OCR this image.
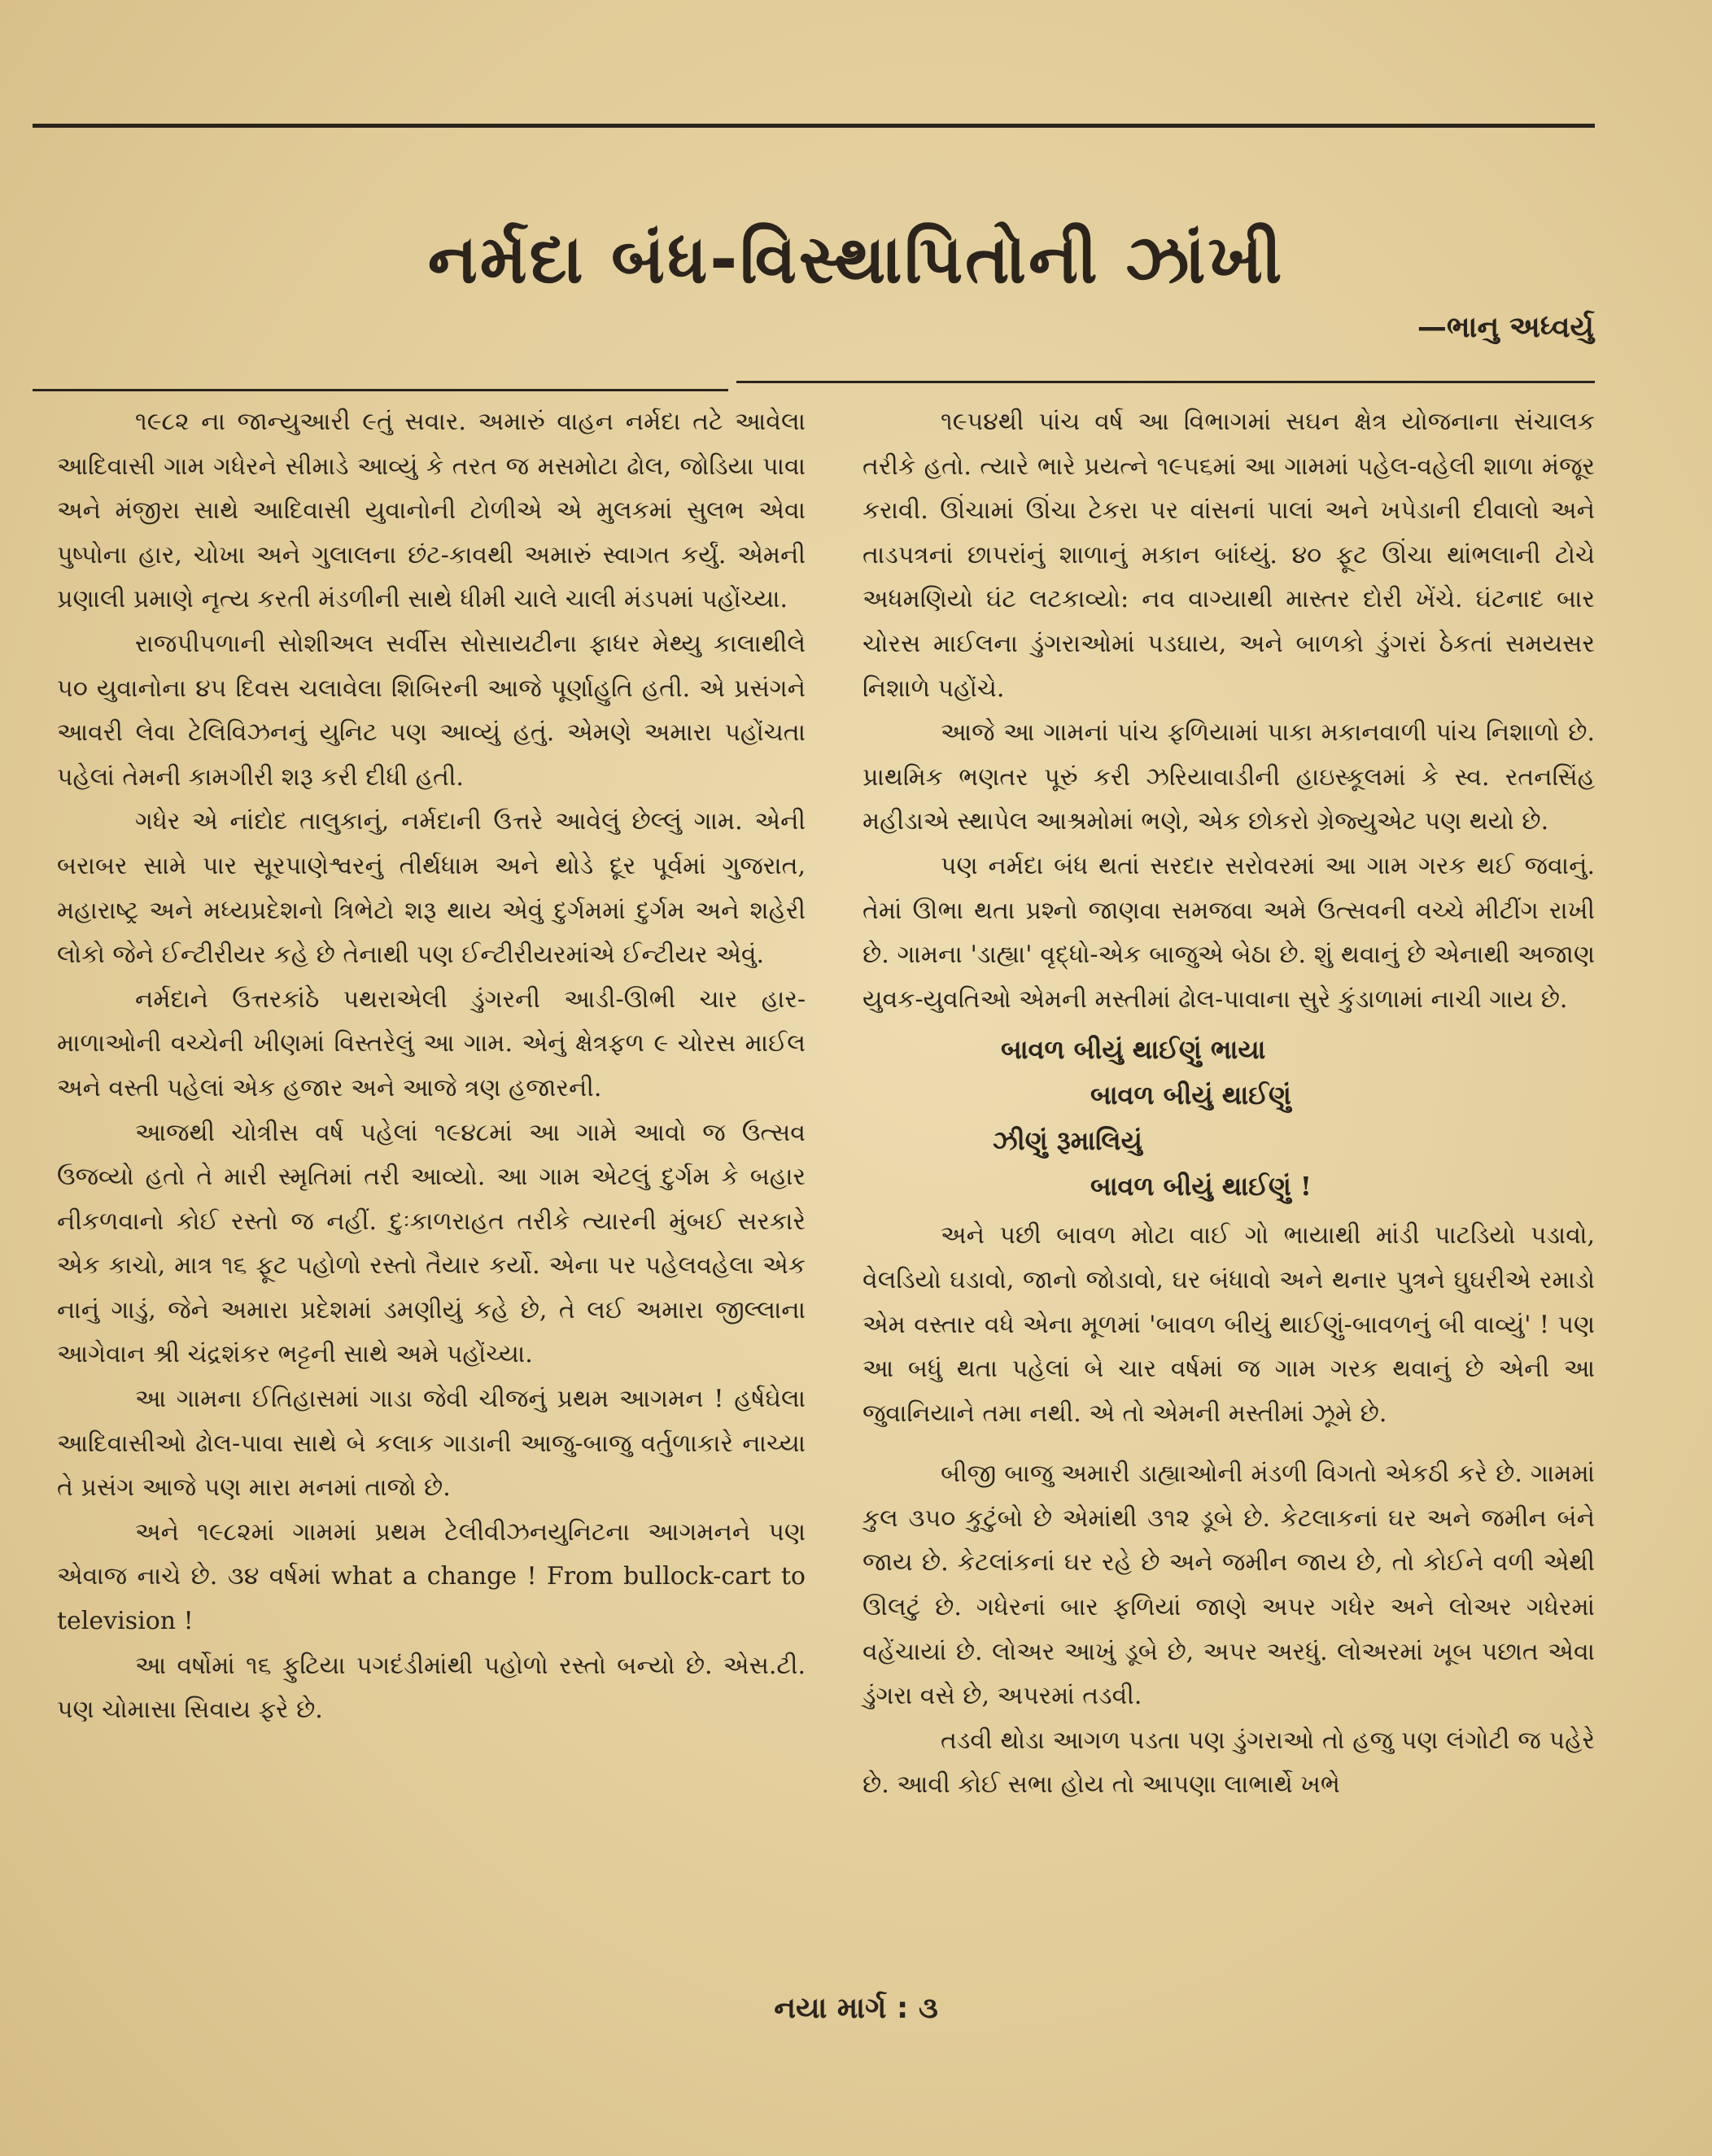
નર્મદા બંધ-વિસ્થાપિતોની ઝાંખી
—ભાનુ અધ્વર્યુ

૧૯૮૨ ના જાન્યુઆરી ૯તું સવાર. અમારું વાહન નર્મદા તટે આવેલા આદિવાસી ગામ ગધેરને સીમાડે આવ્યું કે તરત જ મસમોટા ઢોલ, જોડિયા પાવા અને મંજીરા સાથે આદિવાસી યુવાનોની ટોળીએ એ મુલકમાં સુલભ એવા પુષ્પોના હાર, ચોખા અને ગુલાલના છંટ-કાવથી અમારું સ્વાગત કર્યું. એમની પ્રણાલી પ્રમાણે નૃત્ય કરતી મંડળીની સાથે ધીમી ચાલે ચાલી મંડપમાં પહોંચ્યા.

રાજપીપળાની સોશીઅલ સર્વીસ સોસાયટીના ફાધર મેથ્યુ કાલાથીલે ૫૦ યુવાનોના ૪૫ દિવસ ચલાવેલા શિબિરની આજે પૂર્ણાહુતિ હતી. એ પ્રસંગને આવરી લેવા ટેલિવિઝનનું યુનિટ પણ આવ્યું હતું. એમણે અમારા પહોંચતા પહેલાં તેમની કામગીરી શરૂ કરી દીધી હતી.

ગધેર એ નાંદોદ તાલુકાનું, નર્મદાની ઉત્તરે આવેલું છેલ્લું ગામ. એની બરાબર સામે પાર સૂરપાણેશ્વરનું તીર્થધામ અને થોડે દૂર પૂર્વમાં ગુજરાત, મહારાષ્ટ્ર અને મધ્યપ્રદેશનો ત્રિભેટો શરૂ થાય એવું દુર્ગમમાં દુર્ગમ અને શહેરી લોકો જેને ઈન્ટીરીયર કહે છે તેનાથી પણ ઈન્ટીરીયરમાંએ ઈન્ટીયર એવું.

નર્મદાને ઉત્તરકાંઠે પથરાએલી ડુંગરની આડી-ઊભી ચાર હાર-માળાઓની વચ્ચેની ખીણમાં વિસ્તરેલું આ ગામ. એનું ક્ષેત્રફળ ૯ ચોરસ માઈલ અને વસ્તી પહેલાં એક હજાર અને આજે ત્રણ હજારની.

આજથી ચોત્રીસ વર્ષ પહેલાં ૧૯૪૮માં આ ગામે આવો જ ઉત્સવ ઉજવ્યો હતો તે મારી સ્મૃતિમાં તરી આવ્યો. આ ગામ એટલું દુર્ગમ કે બહાર નીકળવાનો કોઈ રસ્તો જ નહીં. દુઃકાળરાહત તરીકે ત્યારની મુંબઈ સરકારે એક કાચો, માત્ર ૧૬ ફૂટ પહોળો રસ્તો તૈયાર કર્યો. એના પર પહેલવહેલા એક નાનું ગાડું, જેને અમારા પ્રદેશમાં ડમણીયું કહે છે, તે લઈ અમારા જીલ્લાના આગેવાન શ્રી ચંદ્રશંકર ભટ્ટની સાથે અમે પહોંચ્યા.

આ ગામના ઈતિહાસમાં ગાડા જેવી ચીજનું પ્રથમ આગમન ! હર્ષઘેલા આદિવાસીઓ ઢોલ-પાવા સાથે બે કલાક ગાડાની આજુ-બાજુ વર્તુળાકારે નાચ્યા તે પ્રસંગ આજે પણ મારા મનમાં તાજો છે.

અને ૧૯૮૨માં ગામમાં પ્રથમ ટેલીવીઝનયુનિટના આગમનને પણ એવાજ નાચે છે. ૩૪ વર્ષમાં what a change ! From bullock-cart to television !

આ વર્ષોમાં ૧૬ ફુટિયા પગદંડીમાંથી પહોળો રસ્તો બન્યો છે. એસ.ટી. પણ ચોમાસા સિવાય ફરે છે.

૧૯૫૪થી પાંચ વર્ષ આ વિભાગમાં સઘન ક્ષેત્ર યોજનાના સંચાલક તરીકે હતો. ત્યારે ભારે પ્રયત્ને ૧૯૫૬માં આ ગામમાં પહેલ-વહેલી શાળા મંજૂર કરાવી. ઊંચામાં ઊંચા ટેકરા પર વાંસનાં પાલાં અને ખપેડાની દીવાલો અને તાડપત્રનાં છાપરાંનું શાળાનું મકાન બાંધ્યું. ૪૦ ફૂટ ઊંચા થાંભલાની ટોચે અધમણિયો ઘંટ લટકાવ્યો: નવ વાગ્યાથી માસ્તર દોરી ખેંચે. ઘંટનાદ બાર ચોરસ માઈલના ડુંગરાઓમાં પડઘાય, અને બાળકો ડુંગરાં ઠેકતાં સમયસર નિશાળે પહોંચે.

આજે આ ગામનાં પાંચ ફળિયામાં પાકા મકાનવાળી પાંચ નિશાળો છે. પ્રાથમિક ભણતર પૂરું કરી ઝરિયાવાડીની હાઇસ્કૂલમાં કે સ્વ. રતનસિંહ મહીડાએ સ્થાપેલ આશ્રમોમાં ભણે, એક છોકરો ગ્રેજ્યુએટ પણ થયો છે.

પણ નર્મદા બંધ થતાં સરદાર સરોવરમાં આ ગામ ગરક થઈ જવાનું. તેમાં ઊભા થતા પ્રશ્નો જાણવા સમજવા અમે ઉત્સવની વચ્ચે મીટીંગ રાખી છે. ગામના 'ડાહ્યા' વૃદ્ધો-એક બાજુએ બેઠા છે. શું થવાનું છે એનાથી અજાણ યુવક-યુવતિઓ એમની મસ્તીમાં ઢોલ-પાવાના સુરે કુંડાળામાં નાચી ગાય છે.

બાવળ બીયું થાઈણું ભાયા
બાવળ બીયું થાઈણું
ઝીણું રૂમાલિયું
બાવળ બીયું થાઈણું !

અને પછી બાવળ મોટા વાઈ ગો ભાયાથી માંડી પાટડિયો પડાવો, વેલડિયો ઘડાવો, જાનો જોડાવો, ઘર બંધાવો અને થનાર પુત્રને ઘુઘરીએ રમાડો એમ વસ્તાર વધે એના મૂળમાં 'બાવળ બીયું થાઈણું-બાવળનું બી વાવ્યું' ! પણ આ બધું થતા પહેલાં બે ચાર વર્ષમાં જ ગામ ગરક થવાનું છે એની આ જુવાનિયાને તમા નથી. એ તો એમની મસ્તીમાં ઝૂમે છે.

બીજી બાજુ અમારી ડાહ્યાઓની મંડળી વિગતો એકઠી કરે છે. ગામમાં કુલ ૩૫૦ કુટુંબો છે એમાંથી ૩૧૨ ડૂબે છે. કેટલાકનાં ઘર અને જમીન બંને જાય છે. કેટલાંકનાં ઘર રહે છે અને જમીન જાય છે, તો કોઈને વળી એથી ઊલટું છે. ગધેરનાં બાર ફળિયાં જાણે અપર ગધેર અને લોઅર ગધેરમાં વહેંચાયાં છે. લોઅર આખું ડૂબે છે, અપર અરધું. લોઅરમાં ખૂબ પછાત એવા ડુંગરા વસે છે, અપરમાં તડવી.

તડવી થોડા આગળ પડતા પણ ડુંગરાઓ તો હજુ પણ લંગોટી જ પહેરે છે. આવી કોઈ સભા હોય તો આપણા લાભાર્થે ખભે

નયા માર્ગ : ૩
